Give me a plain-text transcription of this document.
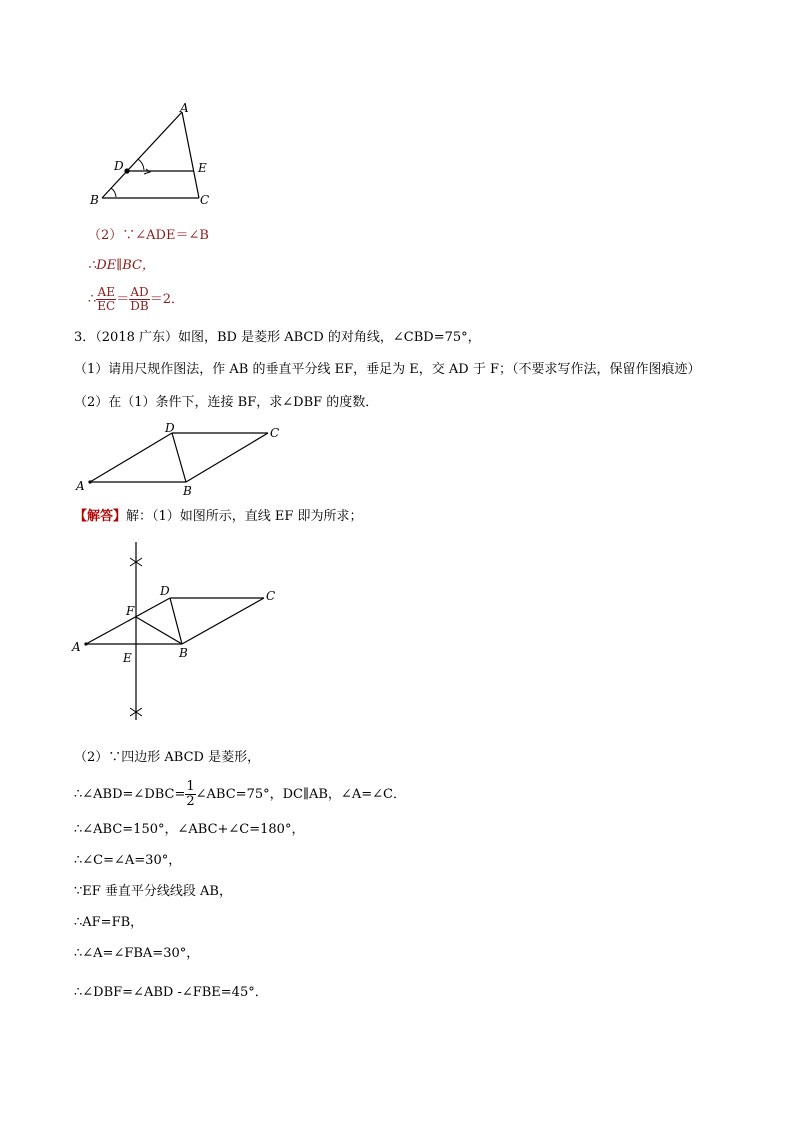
A
D	E
B	C
（2）∵∠ADE＝∠B
∴DE∥BC，
∴ $\frac{AE}{EC} = \frac{AD}{DB} =2$．
3．（2018 广东）如图，BD 是菱形 ABCD 的对角线，∠CBD=75°，
（1）请用尺规作图法，作 AB 的垂直平分线 EF，垂足为 E，交 AD 于 F；（不要求写作法，保留作图痕迹）
（2）在（1）条件下，连接 BF，求∠DBF 的度数．
D	C
A	B
【解答】解：（1）如图所示，直线 EF 即为所求；
D	C
F
A
E	B
（2）∵四边形 ABCD 是菱形，
∴∠ABD=∠DBC= $\frac{1}{2}$ ∠ABC=75°，DC∥AB，∠A=∠C．
∴∠ABC=150°，∠ABC+∠C=180°，
∴∠C=∠A=30°，
∵EF 垂直平分线线段 AB，
∴AF=FB，
∴∠A=∠FBA=30°，
∴∠DBF=∠ABD -∠FBE=45°．
